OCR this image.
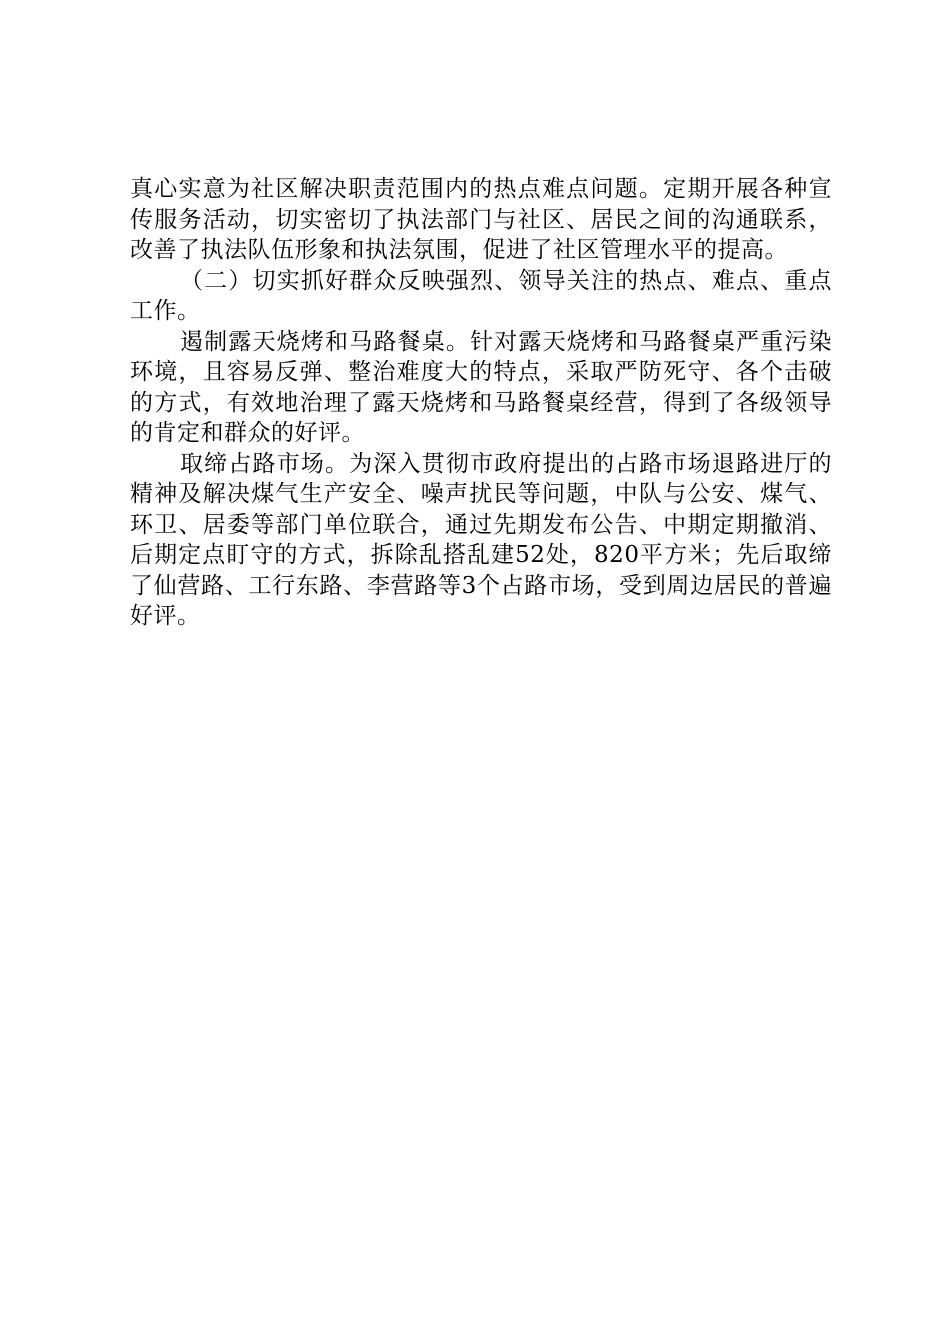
真心实意为社区解决职责范围内的热点难点问题。定期开展各种宣传服务活动，切实密切了执法部门与社区、居民之间的沟通联系，改善了执法队伍形象和执法氛围，促进了社区管理水平的提高。

（二）切实抓好群众反映强烈、领导关注的热点、难点、重点工作。

遏制露天烧烤和马路餐桌。针对露天烧烤和马路餐桌严重污染环境，且容易反弹、整治难度大的特点，采取严防死守、各个击破的方式，有效地治理了露天烧烤和马路餐桌经营，得到了各级领导的肯定和群众的好评。

取缔占路市场。为深入贯彻市政府提出的占路市场退路进厅的精神及解决煤气生产安全、噪声扰民等问题，中队与公安、煤气、环卫、居委等部门单位联合，通过先期发布公告、中期定期撤消、后期定点盯守的方式，拆除乱搭乱建52处，820平方米；先后取缔了仙营路、工行东路、李营路等3个占路市场，受到周边居民的普遍好评。
